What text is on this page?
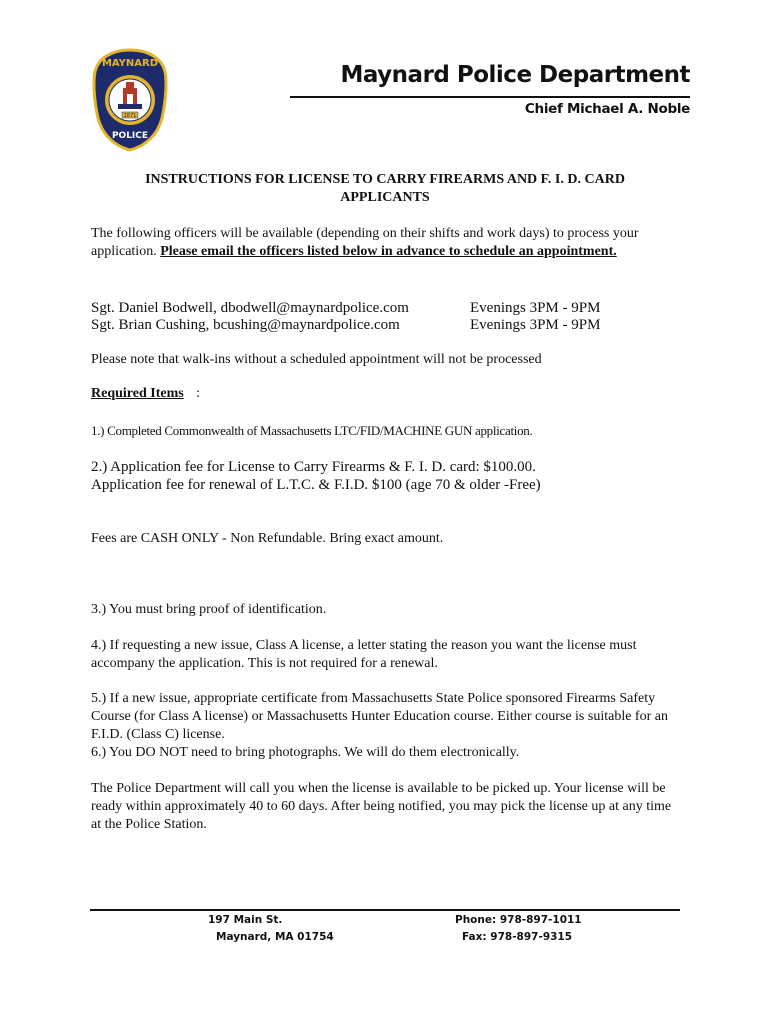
MAYNARD
1871
POLICE
Maynard Police Department
Chief Michael A. Noble
INSTRUCTIONS FOR LICENSE TO CARRY FIREARMS AND F. I. D. CARD
APPLICANTS
The following officers will be available (depending on their shifts and work days) to process your application. Please email the officers listed below in advance to schedule an appointment.
Sgt. Daniel Bodwell, dbodwell@maynardpolice.com	Evenings 3PM - 9PM
Sgt. Brian Cushing, bcushing@maynardpolice.com	Evenings 3PM - 9PM
Please note that walk-ins without a scheduled appointment will not be processed
Required Items :
1.) Completed Commonwealth of Massachusetts LTC/FID/MACHINE GUN application.
2.) Application fee for License to Carry Firearms & F. I. D. card: $100.00. Application fee for renewal of L.T.C. & F.I.D. $100 (age 70 & older -Free)
Fees are CASH ONLY - Non Refundable. Bring exact amount.
3.) You must bring proof of identification.
4.) If requesting a new issue, Class A license, a letter stating the reason you want the license must accompany the application. This is not required for a renewal.
5.) If a new issue, appropriate certificate from Massachusetts State Police sponsored Firearms Safety Course (for Class A license) or Massachusetts Hunter Education course. Either course is suitable for an F.I.D. (Class C) license.
6.) You DO NOT need to bring photographs. We will do them electronically.
The Police Department will call you when the license is available to be picked up. Your license will be ready within approximately 40 to 60 days. After being notified, you may pick the license up at any time at the Police Station.
197 Main St.
Maynard, MA 01754
Phone: 978-897-1011
Fax: 978-897-9315
